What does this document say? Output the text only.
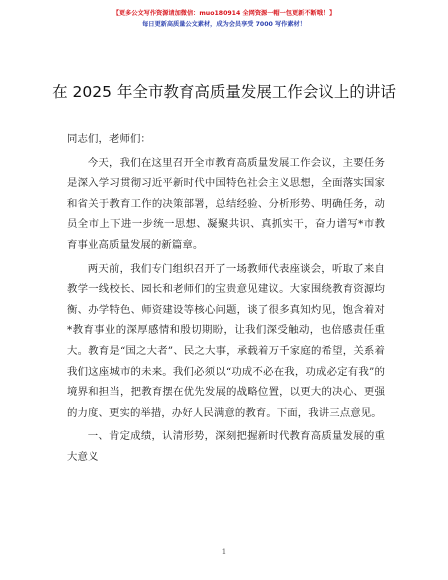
【更多公文写作资源请加微信：muo180914 全网资源一帽一包更新不断哦！】
每日更新高质量公文素材，成为会员享受 7000 写作素材！
在 2025 年全市教育高质量发展工作会议上的讲话

同志们，老师们：

今天，我们在这里召开全市教育高质量发展工作会议，主要任务是深入学习贯彻习近平新时代中国特色社会主义思想，全面落实国家和省关于教育工作的决策部署，总结经验、分析形势、明确任务，动员全市上下进一步统一思想、凝聚共识、真抓实干，奋力谱写*市教育事业高质量发展的新篇章。

两天前，我们专门组织召开了一场教师代表座谈会，听取了来自教学一线校长、园长和老师们的宝贵意见建议。大家围绕教育资源均衡、办学特色、师资建设等核心问题，谈了很多真知灼见，饱含着对*教育事业的深厚感情和殷切期盼，让我们深受触动，也倍感责任重大。教育是“国之大者”、民之大事，承载着万千家庭的希望，关系着我们这座城市的未来。我们必须以“功成不必在我，功成必定有我”的境界和担当，把教育摆在优先发展的战略位置，以更大的决心、更强的力度、更实的举措，办好人民满意的教育。下面，我讲三点意见。

一、肯定成绩，认清形势，深刻把握新时代教育高质量发展的重大意义

1
